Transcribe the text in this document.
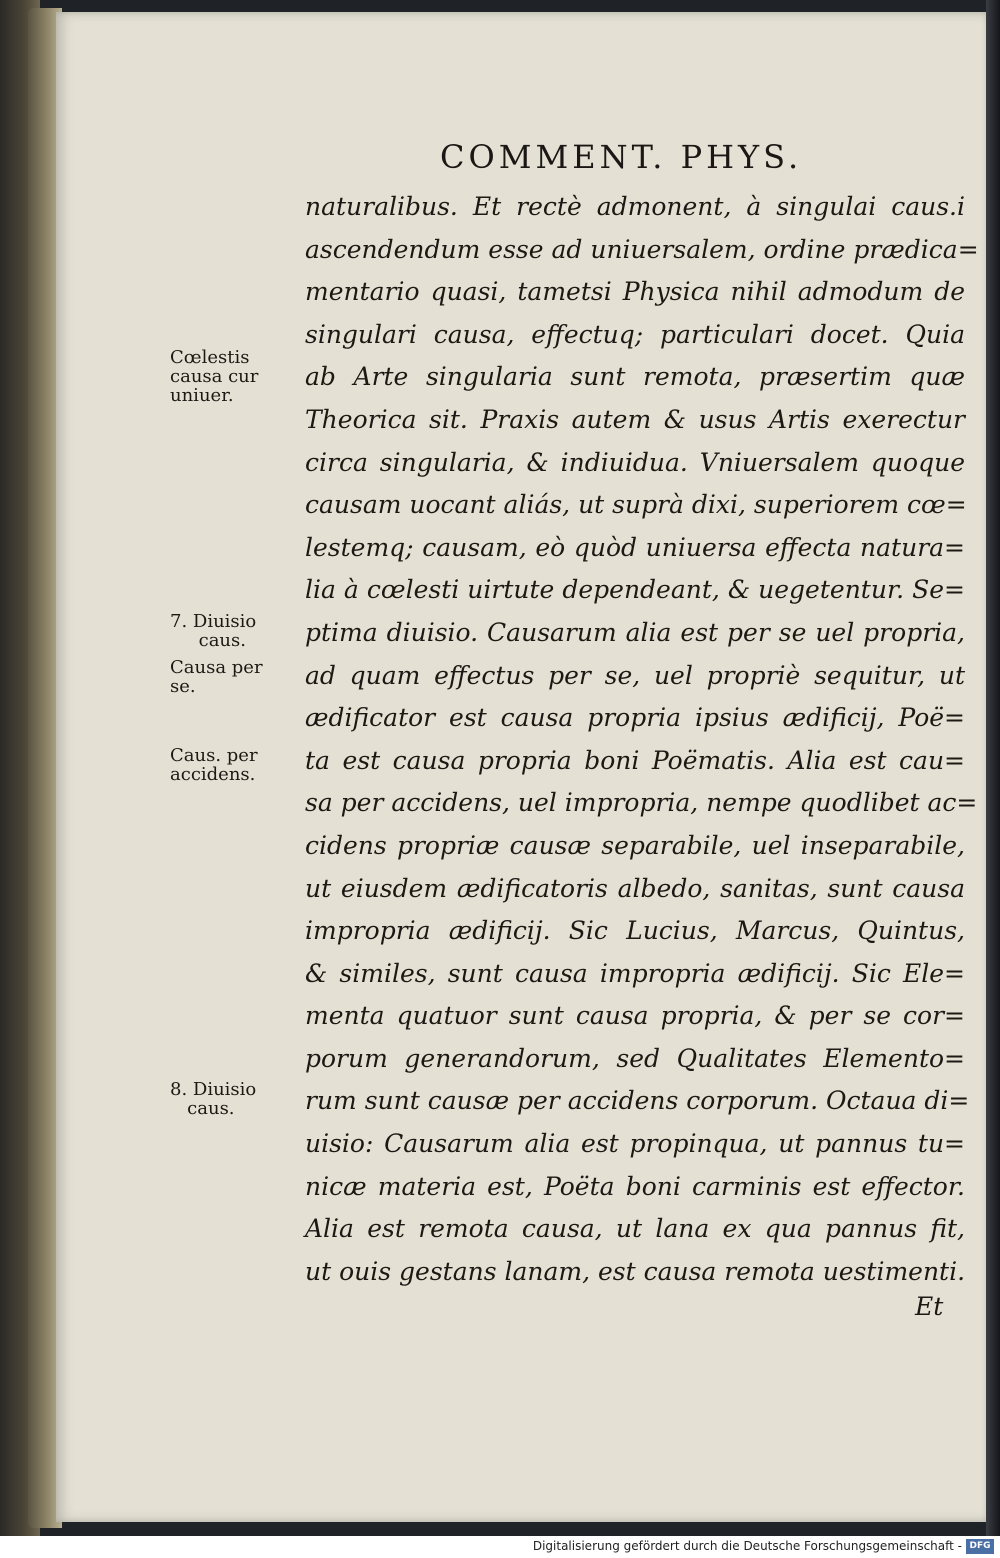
COMMENT. PHYS.
naturalibus. Et rectè admonent, à singulai caus.i
ascendendum esse ad uniuersalem, ordine prædica=
mentario quasi, tametsi Physica nihil admodum de
singulari causa, effectuq; particulari docet. Quia
ab Arte singularia sunt remota, præsertim quæ
Theorica sit. Praxis autem & usus Artis exerectur
circa singularia, & indiuidua. Vniuersalem quoque
causam uocant aliás, ut suprà dixi, superiorem cœ=
lestemq; causam, eò quòd uniuersa effecta natura=
lia à cœlesti uirtute dependeant, & uegetentur. Se=
ptima diuisio. Causarum alia est per se uel propria,
ad quam effectus per se, uel propriè sequitur, ut
ædificator est causa propria ipsius ædificij, Poë=
ta est causa propria boni Poëmatis. Alia est cau=
sa per accidens, uel impropria, nempe quodlibet ac=
cidens propriæ causæ separabile, uel inseparabile,
ut eiusdem ædificatoris albedo, sanitas, sunt causa
impropria ædificij. Sic Lucius, Marcus, Quintus,
& similes, sunt causa impropria ædificij. Sic Ele=
menta quatuor sunt causa propria, & per se cor=
porum generandorum, sed Qualitates Elemento=
rum sunt causæ per accidens corporum. Octaua di=
uisio: Causarum alia est propinqua, ut pannus tu=
nicæ materia est, Poëta boni carminis est effector.
Alia est remota causa, ut lana ex qua pannus fit,
ut ouis gestans lanam, est causa remota uestimenti.
Cœlestis
causa cur
uniuer.
7. Diuisio
caus.
Causa per
se.
Caus. per
accidens.
8. Diuisio
caus.
Et
Digitalisierung gefördert durch die Deutsche Forschungsgemeinschaft - DFG
